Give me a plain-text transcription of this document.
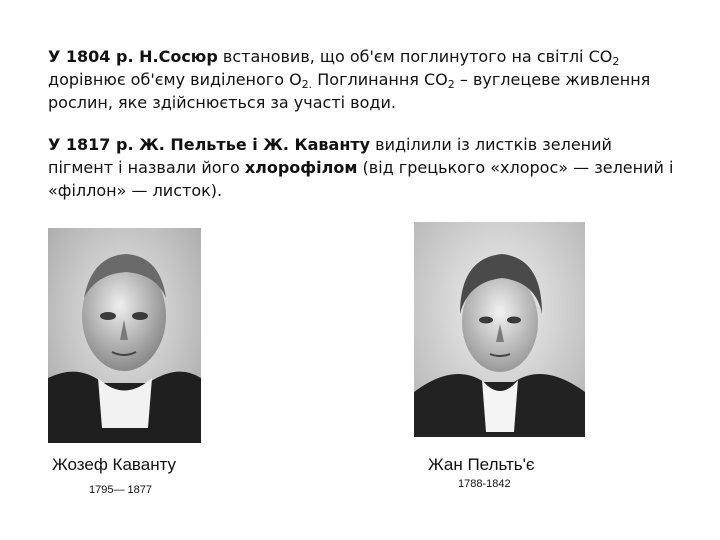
У 1804 р. Н.Сосюр встановив, що об'єм поглинутого на світлі $СО_2$ дорівнює об'єму виділеного $О_{2.}$ Поглинання $СО_2$ – вуглецеве живлення рослин, яке здійснюється за участі води.
У 1817 р. Ж. Пельтье і Ж. Каванту виділили із листків зелений пігмент і назвали його хлорофілом (від грецького «хлорос» — зелений і «філлон» — листок).
Жозеф Каванту
1795— 1877
Жан Пельть'є
1788-1842
